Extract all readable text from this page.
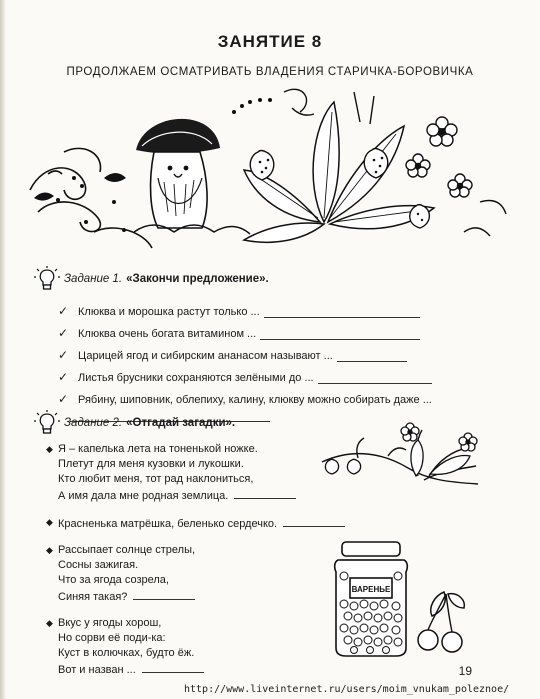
ЗАНЯТИЕ 8
ПРОДОЛЖАЕМ ОСМАТРИВАТЬ ВЛАДЕНИЯ СТАРИЧКА-БОРОВИЧКА
Задание 1. «Закончи предложение».
✓ Клюква и морошка растут только ...
✓ Клюква очень богата витамином ...
✓ Царицей ягод и сибирским ананасом называют ...
✓ Листья брусники сохраняются зелёными до ...
✓ Рябину, шиповник, облепиху, калину, клюкву можно собирать даже ...
Задание 2. «Отгадай загадки».
◆ Я – капелька лета на тоненькой ножке.
Плетут для меня кузовки и лукошки.
Кто любит меня, тот рад наклониться,
А имя дала мне родная землица.
◆ Красненька матрёшка, беленько сердечко.
◆ Рассыпает солнце стрелы,
Сосны зажигая.
Что за ягода созрела,
Синяя такая?
◆ Вкус у ягоды хорош,
Но сорви её поди-ка:
Куст в колючках, будто ёж.
Вот и назван ...
ВАРЕНЬЕ
19
http://www.liveinternet.ru/users/moim_vnukam_poleznoe/
